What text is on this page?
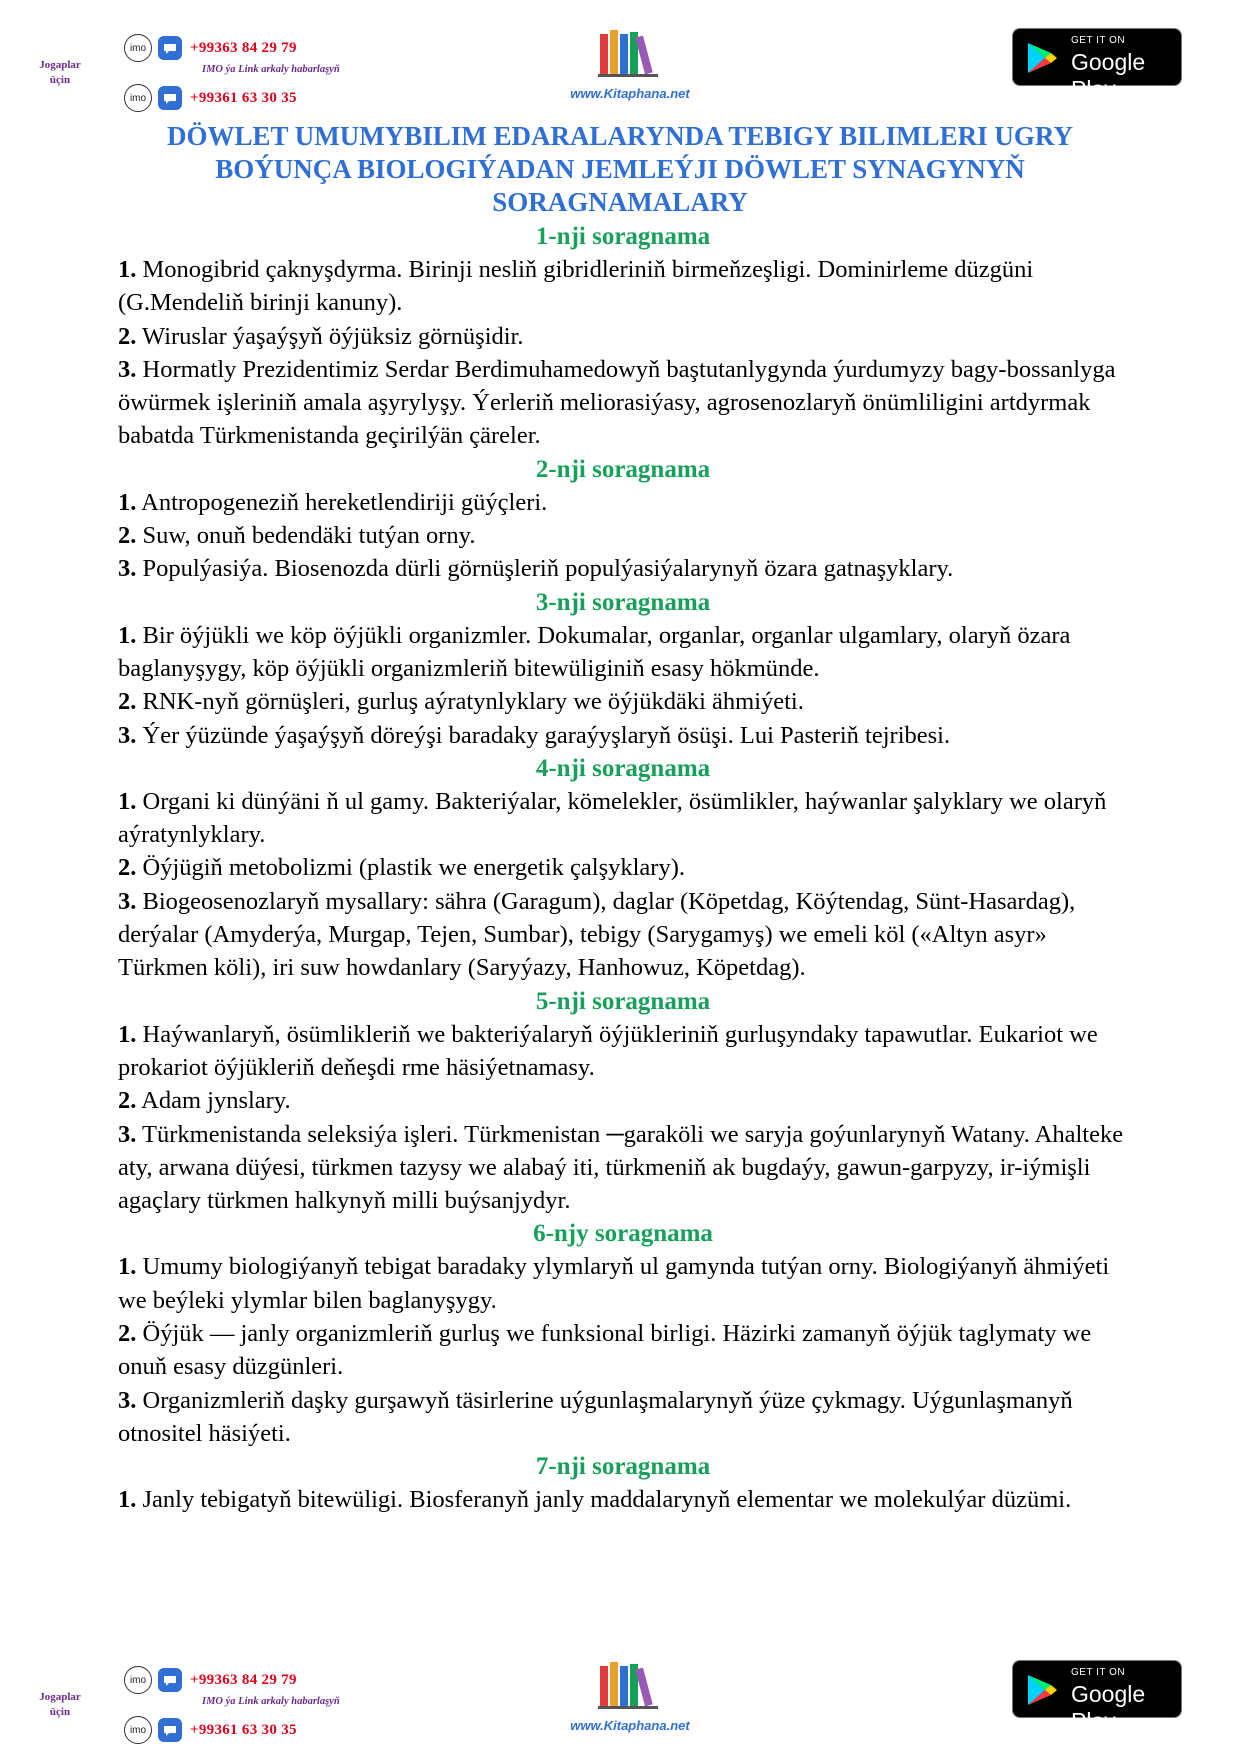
Jogaplar üçin
imo	+99363 84 29 79
IMO ýa Link arkaly habarlaşyň
imo	+99361 63 30 35	www.Kitaphana.net
GET IT ON
Google Play
DÖWLET UMUMYBILIM EDARALARYNDA TEBIGY BILIMLERI UGRY BOÝUNÇA BIOLOGIÝADAN JEMLEÝJI DÖWLET SYNAGYNYŇ SORAGNAMALARY
1-nji soragnama
1. Monogibrid çaknyşdyrma. Birinji nesliň gibridleriniň birmeňzeşligi. Dominirleme düzgüni (G.Mendeliň birinji kanuny).
2. Wiruslar ýaşaýşyň öýjüksiz görnüşidir.
3. Hormatly Prezidentimiz Serdar Berdimuhamedowyň baştutanlygynda ýurdumyzy bagy-bossanlyga öwürmek işleriniň amala aşyrylyşy. Ýerleriň meliorasiýasy, agrosenozlaryň önümliligini artdyrmak babatda Türkmenistanda geçirilýän çäreler.
2-nji soragnama
1. Antropogeneziň hereketlendiriji güýçleri.
2. Suw, onuň bedendäki tutýan orny.
3. Populýasiýa. Biosenozda dürli görnüşleriň populýasiýalarynyň özara gatnaşyklary.
3-nji soragnama
1. Bir öýjükli we köp öýjükli organizmler. Dokumalar, organlar, organlar ulgamlary, olaryň özara baglanyşygy, köp öýjükli organizmleriň bitewüliginiň esasy hökmünde.
2. RNK-nyň görnüşleri, gurluş aýratynlyklary we öýjükdäki ähmiýeti.
3. Ýer ýüzünde ýaşaýşyň döreýşi baradaky garaýyşlaryň ösüşi. Lui Pasteriň tejribesi.
4-nji soragnama
1. Organi ki dünýäni ň ul gamy. Bakteriýalar, kömelekler, ösümlikler, haýwanlar şalyklary we olaryň aýratynlyklary.
2. Öýjügiň metobolizmi (plastik we energetik çalşyklary).
3. Biogeosenozlaryň mysallary: sähra (Garagum), daglar (Köpetdag, Köýtendag, Sünt-Hasardag), derýalar (Amyderýa, Murgap, Tejen, Sumbar), tebigy (Sarygamyş) we emeli köl («Altyn asyr» Türkmen köli), iri suw howdanlary (Saryýazy, Hanhowuz, Köpetdag).
5-nji soragnama
1. Haýwanlaryň, ösümlikleriň we bakteriýalaryň öýjükleriniň gurluşyndaky tapawutlar. Eukariot we prokariot öýjükleriň deňeşdi rme häsiýetnamasy.
2. Adam jynslary.
3. Türkmenistanda seleksiýa işleri. Türkmenistan ─garaköli we saryja goýunlarynyň Watany. Ahalteke aty, arwana düýesi, türkmen tazysy we alabaý iti, türkmeniň ak bugdaýy, gawun-garpyzy, ir-iýmişli agaçlary türkmen halkynyň milli buýsanjydyr.
6-njy soragnama
1. Umumy biologiýanyň tebigat baradaky ylymlaryň ul gamynda tutýan orny. Biologiýanyň ähmiýeti we beýleki ylymlar bilen baglanyşygy.
2. Öýjük — janly organizmleriň gurluş we funksional birligi. Häzirki zamanyň öýjük taglymaty we onuň esasy düzgünleri.
3. Organizmleriň daşky gurşawyň täsirlerine uýgunlaşmalarynyň ýüze çykmagy. Uýgunlaşmanyň otnositel häsiýeti.
7-nji soragnama
1. Janly tebigatyň bitewüligi. Biosferanyň janly maddalarynyň elementar we molekulýar düzümi.
Jogaplar üçin
imo	+99363 84 29 79
IMO ýa Link arkaly habarlaşyň
imo	+99361 63 30 35	www.Kitaphana.net
GET IT ON
Google Play
